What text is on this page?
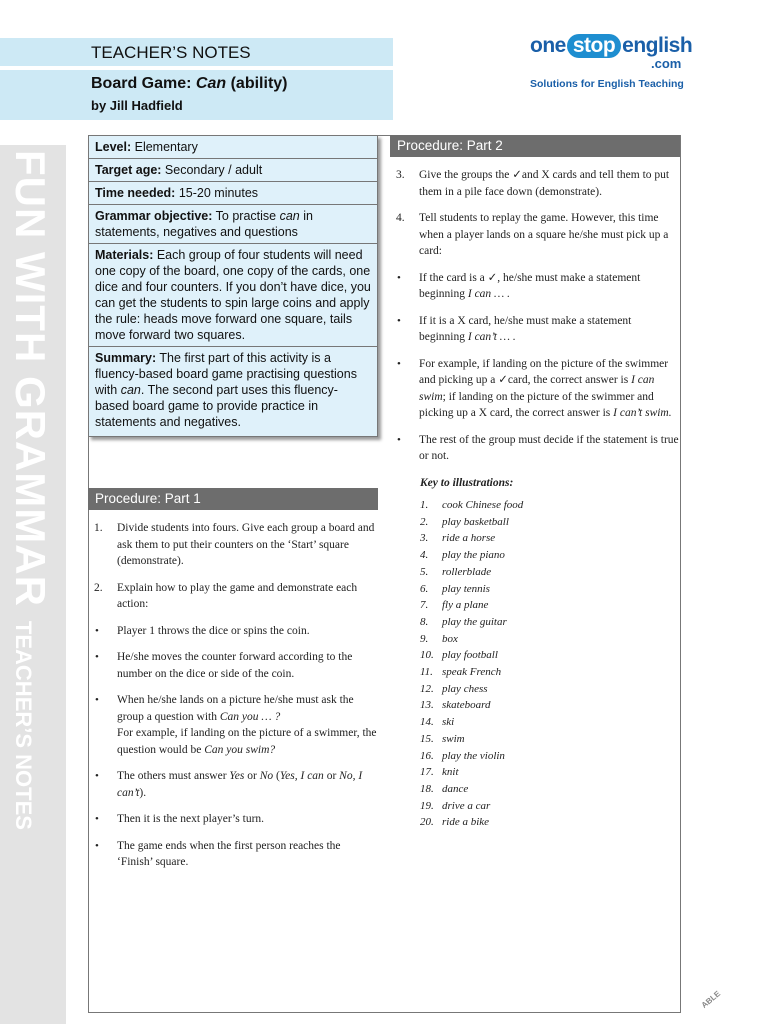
TEACHER’S NOTES
Board Game: Can (ability)
by Jill Hadfield
one stop english
.com
Solutions for English Teaching
FUN WITH GRAMMARTEACHER’S NOTES
Level: Elementary
Target age: Secondary / adult
Time needed: 15-20 minutes
Grammar objective: To practise can in statements, negatives and questions
Materials: Each group of four students will need one copy of the board, one copy of the cards, one dice and four counters. If you don’t have dice, you can get the students to spin large coins and apply the rule: heads move forward one square, tails move forward two squares.
Summary: The first part of this activity is a fluency-based board game practising questions with can. The second part uses this fluency-based board game to provide practice in statements and negatives.
Procedure: Part 1
1. Divide students into fours. Give each group a board and ask them to put their counters on the ‘Start’ square (demonstrate).
2. Explain how to play the game and demonstrate each action:
• Player 1 throws the dice or spins the coin.
• He/she moves the counter forward according to the number on the dice or side of the coin.
• When he/she lands on a picture he/she must ask the group a question with Can you … ?
For example, if landing on the picture of a swimmer, the question would be Can you swim?
• The others must answer Yes or No (Yes, I can or No, I can’t).
• Then it is the next player’s turn.
• The game ends when the first person reaches the ‘Finish’ square.
Procedure: Part 2
3. Give the groups the ✓and X cards and tell them to put them in a pile face down (demonstrate).
4. Tell students to replay the game. However, this time when a player lands on a square he/she must pick up a card:
• If the card is a ✓, he/she must make a statement beginning I can … .
• If it is a X card, he/she must make a statement beginning I can’t … .
• For example, if landing on the picture of the swimmer and picking up a ✓card, the correct answer is I can swim; if landing on the picture of the swimmer and picking up a X card, the correct answer is I can’t swim.
• The rest of the group must decide if the statement is true or not.
Key to illustrations:
1. cook Chinese food
2. play basketball
3. ride a horse
4. play the piano
5. rollerblade
6. play tennis
7. fly a plane
8. play the guitar
9. box
10. play football
11. speak French
12. play chess
13. skateboard
14. ski
15. swim
16. play the violin
17. knit
18. dance
19. drive a car
20. ride a bike
ABLE
